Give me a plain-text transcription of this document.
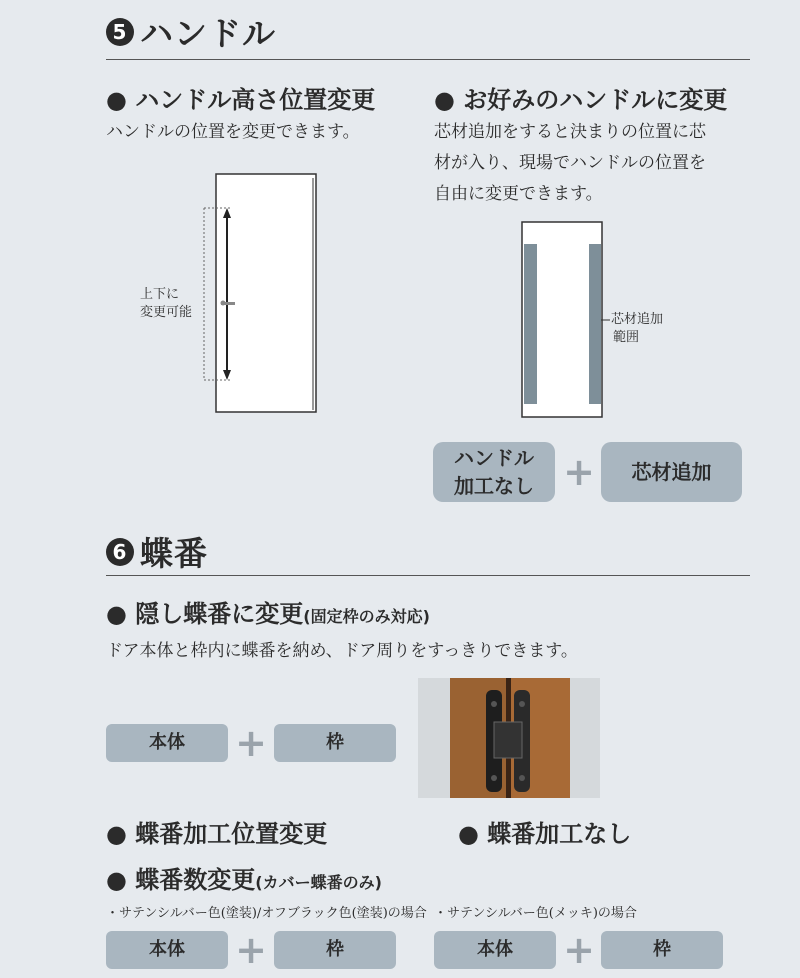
5 ハンドル
● ハンドル高さ位置変更
ハンドルの位置を変更できます。
上下に
変更可能
● お好みのハンドルに変更
芯材追加をすると決まりの位置に芯
材が入り、現場でハンドルの位置を
自由に変更できます。
芯材追加
範囲
ハンドル
加工なし +	芯材追加
6 蝶番
● 隠し蝶番に変更(固定枠のみ対応)
ドア本体と枠内に蝶番を納め、ドア周りをすっきりできます。
本体	+	枠
● 蝶番加工位置変更	● 蝶番加工なし
● 蝶番数変更(カバー蝶番のみ)
・サテンシルバー色(塗装)/オフブラック色(塗装)の場合 ・サテンシルバー色(メッキ)の場合
本体	+	枠	本体	+	枠
